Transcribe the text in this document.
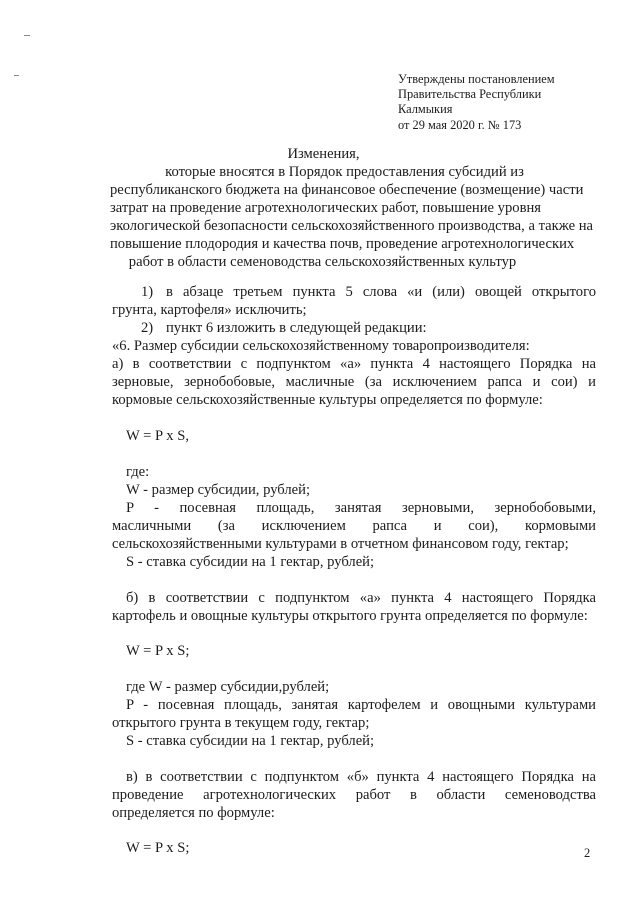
Утверждены постановлением
Правительства Республики
Калмыкия
от 29 мая 2020 г. № 173
Изменения,
которые вносятся в Порядок предоставления субсидий из
республиканского бюджета на финансовое обеспечение (возмещение) части
затрат на проведение агротехнологических работ, повышение уровня
экологической безопасности сельскохозяйственного производства, а также на
повышение плодородия и качества почв, проведение агротехнологических
работ в области семеноводства сельскохозяйственных культур
1) в абзаце третьем пункта 5 слова «и (или) овощей открытого
грунта, картофеля» исключить;
2) пункт 6 изложить в следующей редакции:
«6. Размер субсидии сельскохозяйственному товаропроизводителя:
а) в соответствии с подпунктом «а» пункта 4 настоящего Порядка на
зерновые, зернобобовые, масличные (за исключением рапса и сои) и
кормовые сельскохозяйственные культуры определяется по формуле:
W = P x S,
где:
W - размер субсидии, рублей;
P - посевная площадь, занятая зерновыми, зернобобовыми,
масличными (за исключением рапса и сои), кормовыми
сельскохозяйственными культурами в отчетном финансовом году, гектар;
S - ставка субсидии на 1 гектар, рублей;
б) в соответствии с подпунктом «а» пункта 4 настоящего Порядка
картофель и овощные культуры открытого грунта определяется по формуле:
W = P x S;
где W - размер субсидии,рублей;
P - посевная площадь, занятая картофелем и овощными культурами
открытого грунта в текущем году, гектар;
S - ставка субсидии на 1 гектар, рублей;
в) в соответствии с подпунктом «б» пункта 4 настоящего Порядка на
проведение агротехнологических работ в области семеноводства
определяется по формуле:
W = P x S;	2
